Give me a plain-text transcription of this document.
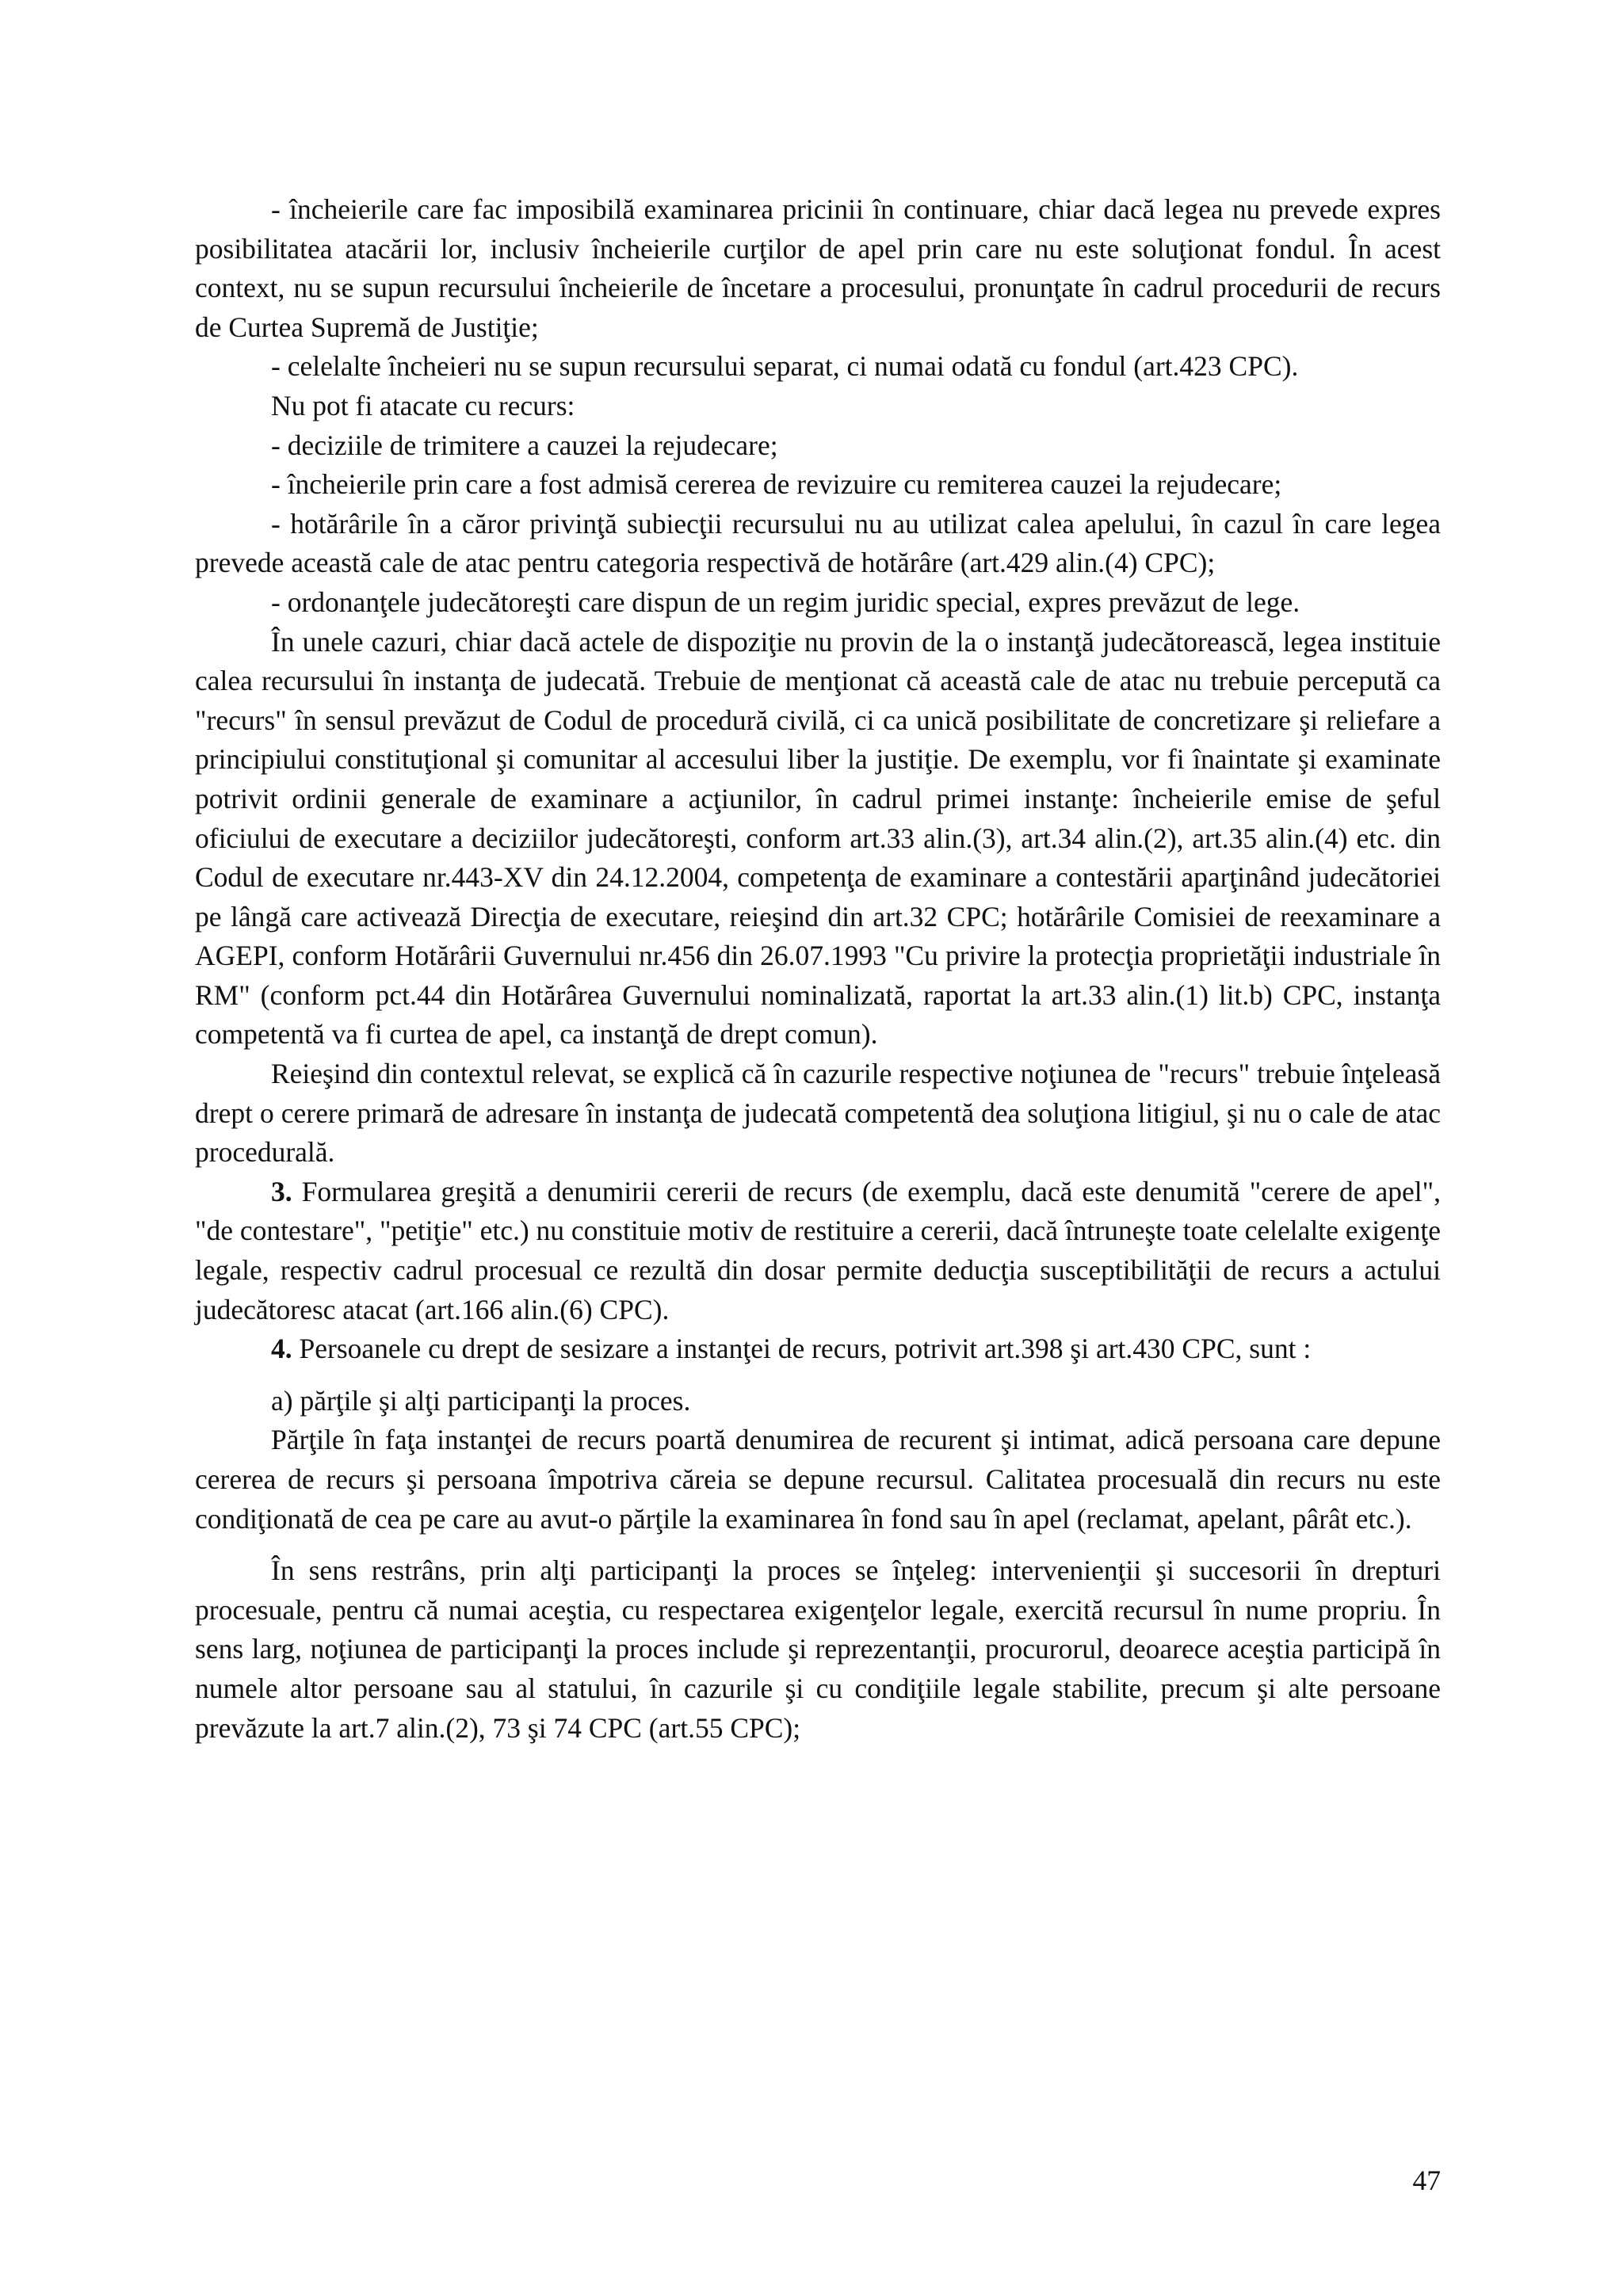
- încheierile care fac imposibilă examinarea pricinii în continuare, chiar dacă legea nu prevede expres posibilitatea atacării lor, inclusiv încheierile curţilor de apel prin care nu este soluţionat fondul. În acest context, nu se supun recursului încheierile de încetare a procesului, pronunţate în cadrul procedurii de recurs de Curtea Supremă de Justiţie;

- celelalte încheieri nu se supun recursului separat, ci numai odată cu fondul (art.423 CPC).

Nu pot fi atacate cu recurs:

- deciziile de trimitere a cauzei la rejudecare;

- încheierile prin care a fost admisă cererea de revizuire cu remiterea cauzei la rejudecare;

- hotărârile în a căror privinţă subiecţii recursului nu au utilizat calea apelului, în cazul în care legea prevede această cale de atac pentru categoria respectivă de hotărâre (art.429 alin.(4) CPC);

- ordonanţele judecătoreşti care dispun de un regim juridic special, expres prevăzut de lege.

În unele cazuri, chiar dacă actele de dispoziţie nu provin de la o instanţă judecătorească, legea instituie calea recursului în instanţa de judecată. Trebuie de menţionat că această cale de atac nu trebuie percepută ca "recurs" în sensul prevăzut de Codul de procedură civilă, ci ca unică posibilitate de concretizare şi reliefare a principiului constituţional şi comunitar al accesului liber la justiţie. De exemplu, vor fi înaintate şi examinate potrivit ordinii generale de examinare a acţiunilor, în cadrul primei instanţe: încheierile emise de şeful oficiului de executare a deciziilor judecătoreşti, conform art.33 alin.(3), art.34 alin.(2), art.35 alin.(4) etc. din Codul de executare nr.443-XV din 24.12.2004, competenţa de examinare a contestării aparţinând judecătoriei pe lângă care activează Direcţia de executare, reieşind din art.32 CPC; hotărârile Comisiei de reexaminare a AGEPI, conform Hotărârii Guvernului nr.456 din 26.07.1993 "Cu privire la protecţia proprietăţii industriale în RM" (conform pct.44 din Hotărârea Guvernului nominalizată, raportat la art.33 alin.(1) lit.b) CPC, instanţa competentă va fi curtea de apel, ca instanţă de drept comun).

Reieşind din contextul relevat, se explică că în cazurile respective noţiunea de "recurs" trebuie înţeleasă drept o cerere primară de adresare în instanţa de judecată competentă dea soluţiona litigiul, şi nu o cale de atac procedurală.

3. Formularea greşită a denumirii cererii de recurs (de exemplu, dacă este denumită "cerere de apel", "de contestare", "petiţie" etc.) nu constituie motiv de restituire a cererii, dacă întruneşte toate celelalte exigenţe legale, respectiv cadrul procesual ce rezultă din dosar permite deducţia susceptibilităţii de recurs a actului judecătoresc atacat (art.166 alin.(6) CPC).

4. Persoanele cu drept de sesizare a instanţei de recurs, potrivit art.398 şi art.430 CPC, sunt :

a) părţile şi alţi participanţi la proces.

Părţile în faţa instanţei de recurs poartă denumirea de recurent şi intimat, adică persoana care depune cererea de recurs şi persoana împotriva căreia se depune recursul. Calitatea procesuală din recurs nu este condiţionată de cea pe care au avut-o părţile la examinarea în fond sau în apel (reclamat, apelant, pârât etc.).

În sens restrâns, prin alţi participanţi la proces se înţeleg: intervenienţii şi succesorii în drepturi procesuale, pentru că numai aceştia, cu respectarea exigenţelor legale, exercită recursul în nume propriu. În sens larg, noţiunea de participanţi la proces include şi reprezentanţii, procurorul, deoarece aceştia participă în numele altor persoane sau al statului, în cazurile şi cu condiţiile legale stabilite, precum şi alte persoane prevăzute la art.7 alin.(2), 73 şi 74 CPC (art.55 CPC);

47
